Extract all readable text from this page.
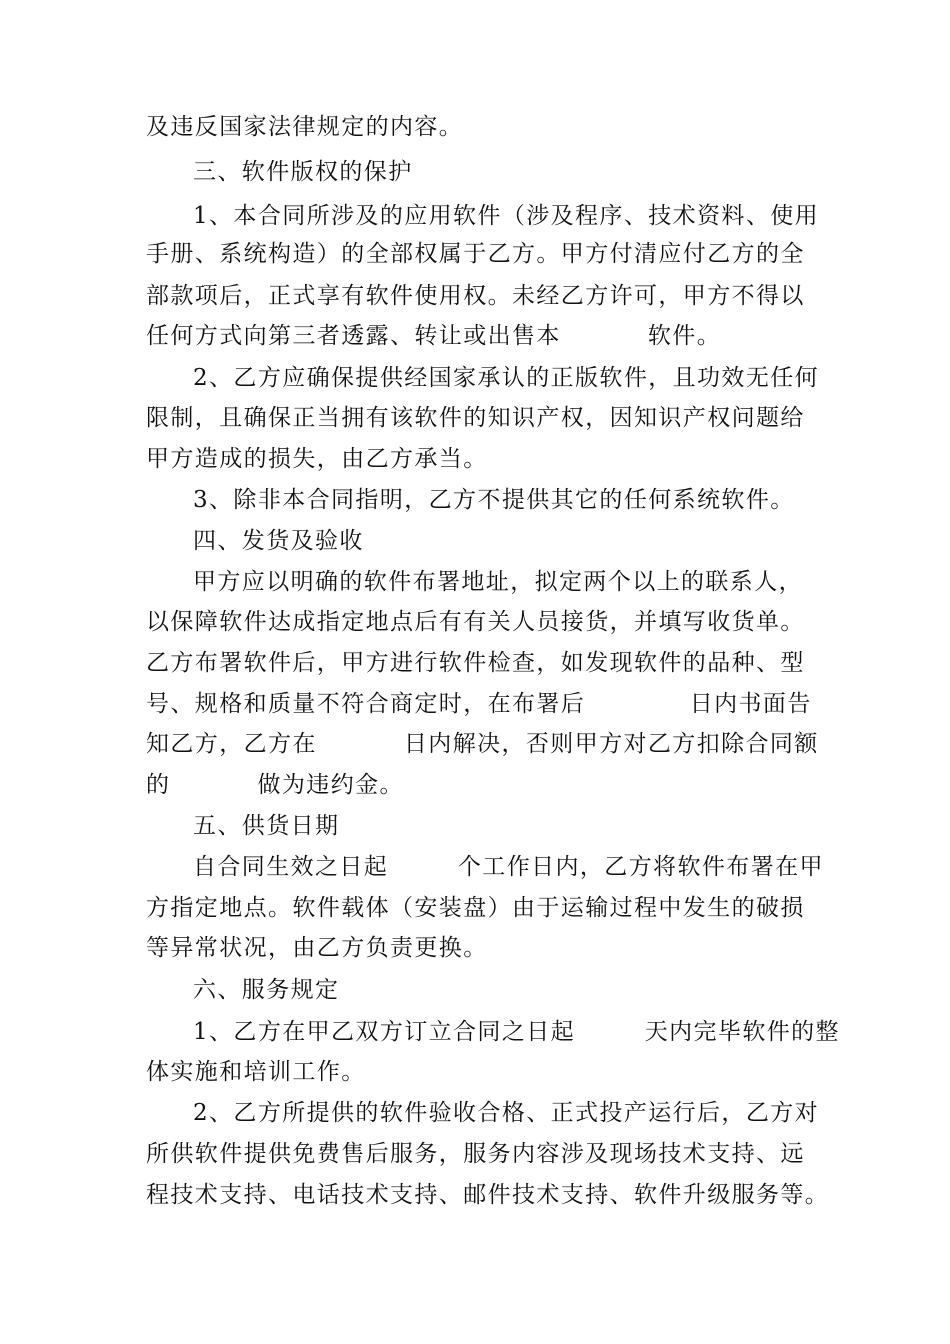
及违反国家法律规定的内容。
三、软件版权的保护
1、本合同所涉及的应用软件（涉及程序、技术资料、使用
手册、系统构造）的全部权属于乙方。甲方付清应付乙方的全
部款项后，正式享有软件使用权。未经乙方许可，甲方不得以
任何方式向第三者透露、转让或出售本          软件。
2、乙方应确保提供经国家承认的正版软件，且功效无任何
限制，且确保正当拥有该软件的知识产权，因知识产权问题给
甲方造成的损失，由乙方承当。
3、除非本合同指明，乙方不提供其它的任何系统软件。
四、发货及验收
甲方应以明确的软件布署地址，拟定两个以上的联系人，
以保障软件达成指定地点后有有关人员接货，并填写收货单。
乙方布署软件后，甲方进行软件检查，如发现软件的品种、型
号、规格和质量不符合商定时，在布署后            日内书面告
知乙方，乙方在          日内解决，否则甲方对乙方扣除合同额
的          做为违约金。
五、供货日期
自合同生效之日起        个工作日内，乙方将软件布署在甲
方指定地点。软件载体（安装盘）由于运输过程中发生的破损
等异常状况，由乙方负责更换。
六、服务规定
1、乙方在甲乙双方订立合同之日起        天内完毕软件的整
体实施和培训工作。
2、乙方所提供的软件验收合格、正式投产运行后，乙方对
所供软件提供免费售后服务，服务内容涉及现场技术支持、远
程技术支持、电话技术支持、邮件技术支持、软件升级服务等。
